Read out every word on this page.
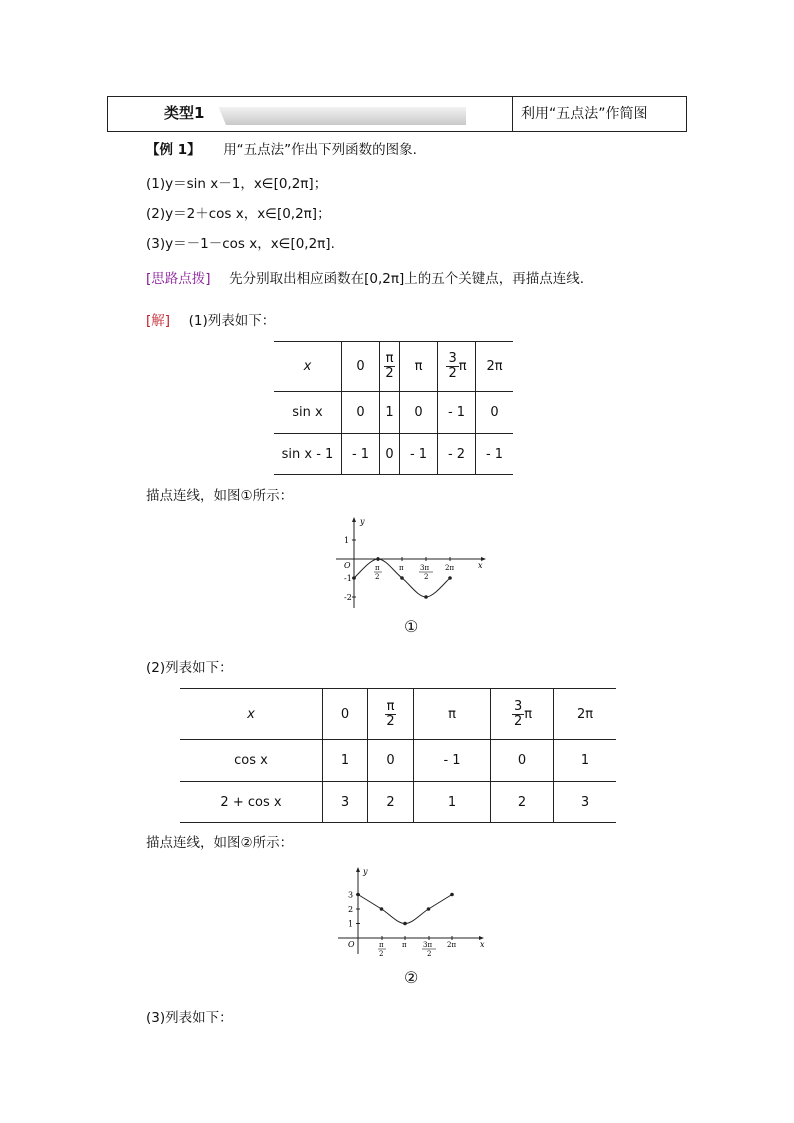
类型1	利用“五点法”作简图
【例 1】 用“五点法”作出下列函数的图象.
(1)y＝sin x－1，x∈[0,2π]；
(2)y＝2＋cos x，x∈[0,2π]；
(3)y＝－1－cos x，x∈[0,2π].
[思路点拨] 先分别取出相应函数在[0,2π]上的五个关键点，再描点连线.
[解] (1)列表如下：
x	0	$\frac{\pi}{2}$	π	$\frac{3}{2}$ π	2π
sin x	0	1	0	- 1	0
sin x - 1	- 1	0	- 1	- 2	- 1
描点连线，如图①所示：
y
x
O
1
-1
-2
π
2
π 3π
2
2π
①
(2)列表如下：
x	0	$\frac{\pi}{2}$	π	$\frac{3}{2}$ π	2π
cos x	1	0	- 1	0	1
2 + cos x	3	2	1	2	3
描点连线，如图②所示：
y
x
O
3
2
1
π
2
π 3π
2
2π
②
(3)列表如下：
